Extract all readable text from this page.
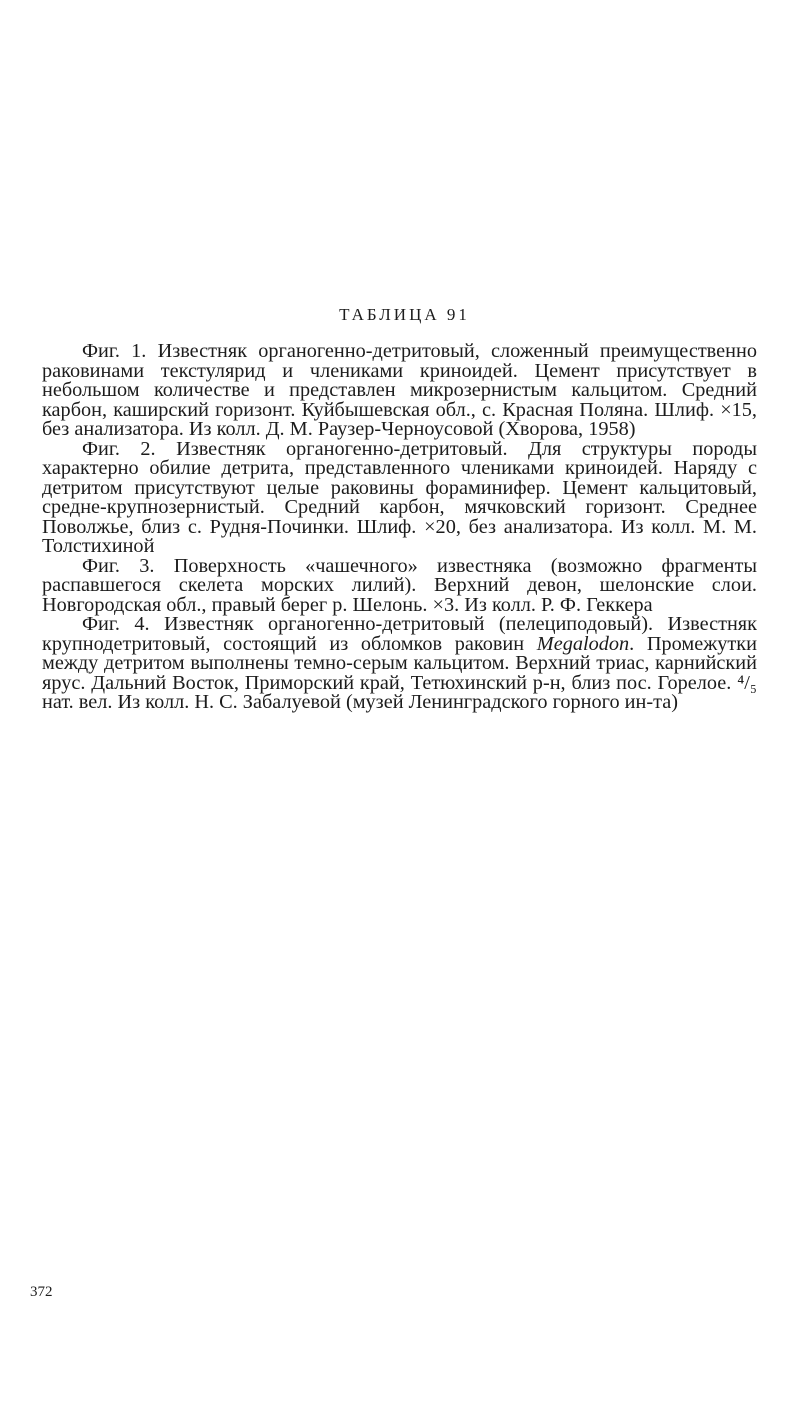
ТАБЛИЦА 91

Фиг. 1. Известняк органогенно-детритовый, сложенный преимущественно раковинами текстулярид и члениками криноидей. Цемент присутствует в небольшом количестве и представлен микрозернистым кальцитом. Средний карбон, каширский горизонт. Куйбышевская обл., с. Красная Поляна. Шлиф. ×15, без анализатора. Из колл. Д. М. Раузер-Черноусовой (Хворова, 1958)

Фиг. 2. Известняк органогенно-детритовый. Для структуры породы характерно обилие детрита, представленного члениками криноидей. Наряду с детритом присутствуют целые раковины фораминифер. Цемент кальцитовый, средне-крупнозернистый. Средний карбон, мячковский горизонт. Среднее Поволжье, близ с. Рудня-Починки. Шлиф. ×20, без анализатора. Из колл. М. М. Толстихиной

Фиг. 3. Поверхность «чашечного» известняка (возможно фрагменты распавшегося скелета морских лилий). Верхний девон, шелонские слои. Новгородская обл., правый берег р. Шелонь. ×3. Из колл. Р. Ф. Геккера

Фиг. 4. Известняк органогенно-детритовый (пелециподовый). Известняк крупнодетритовый, состоящий из обломков раковин Megalodon. Промежутки между детритом выполнены темно-серым кальцитом. Верхний триас, карнийский ярус. Дальний Восток, Приморский край, Тетюхинский р-н, близ пос. Горелое. ⁴/₅ нат. вел. Из колл. Н. С. Забалуевой (музей Ленинградского горного ин-та)

372
